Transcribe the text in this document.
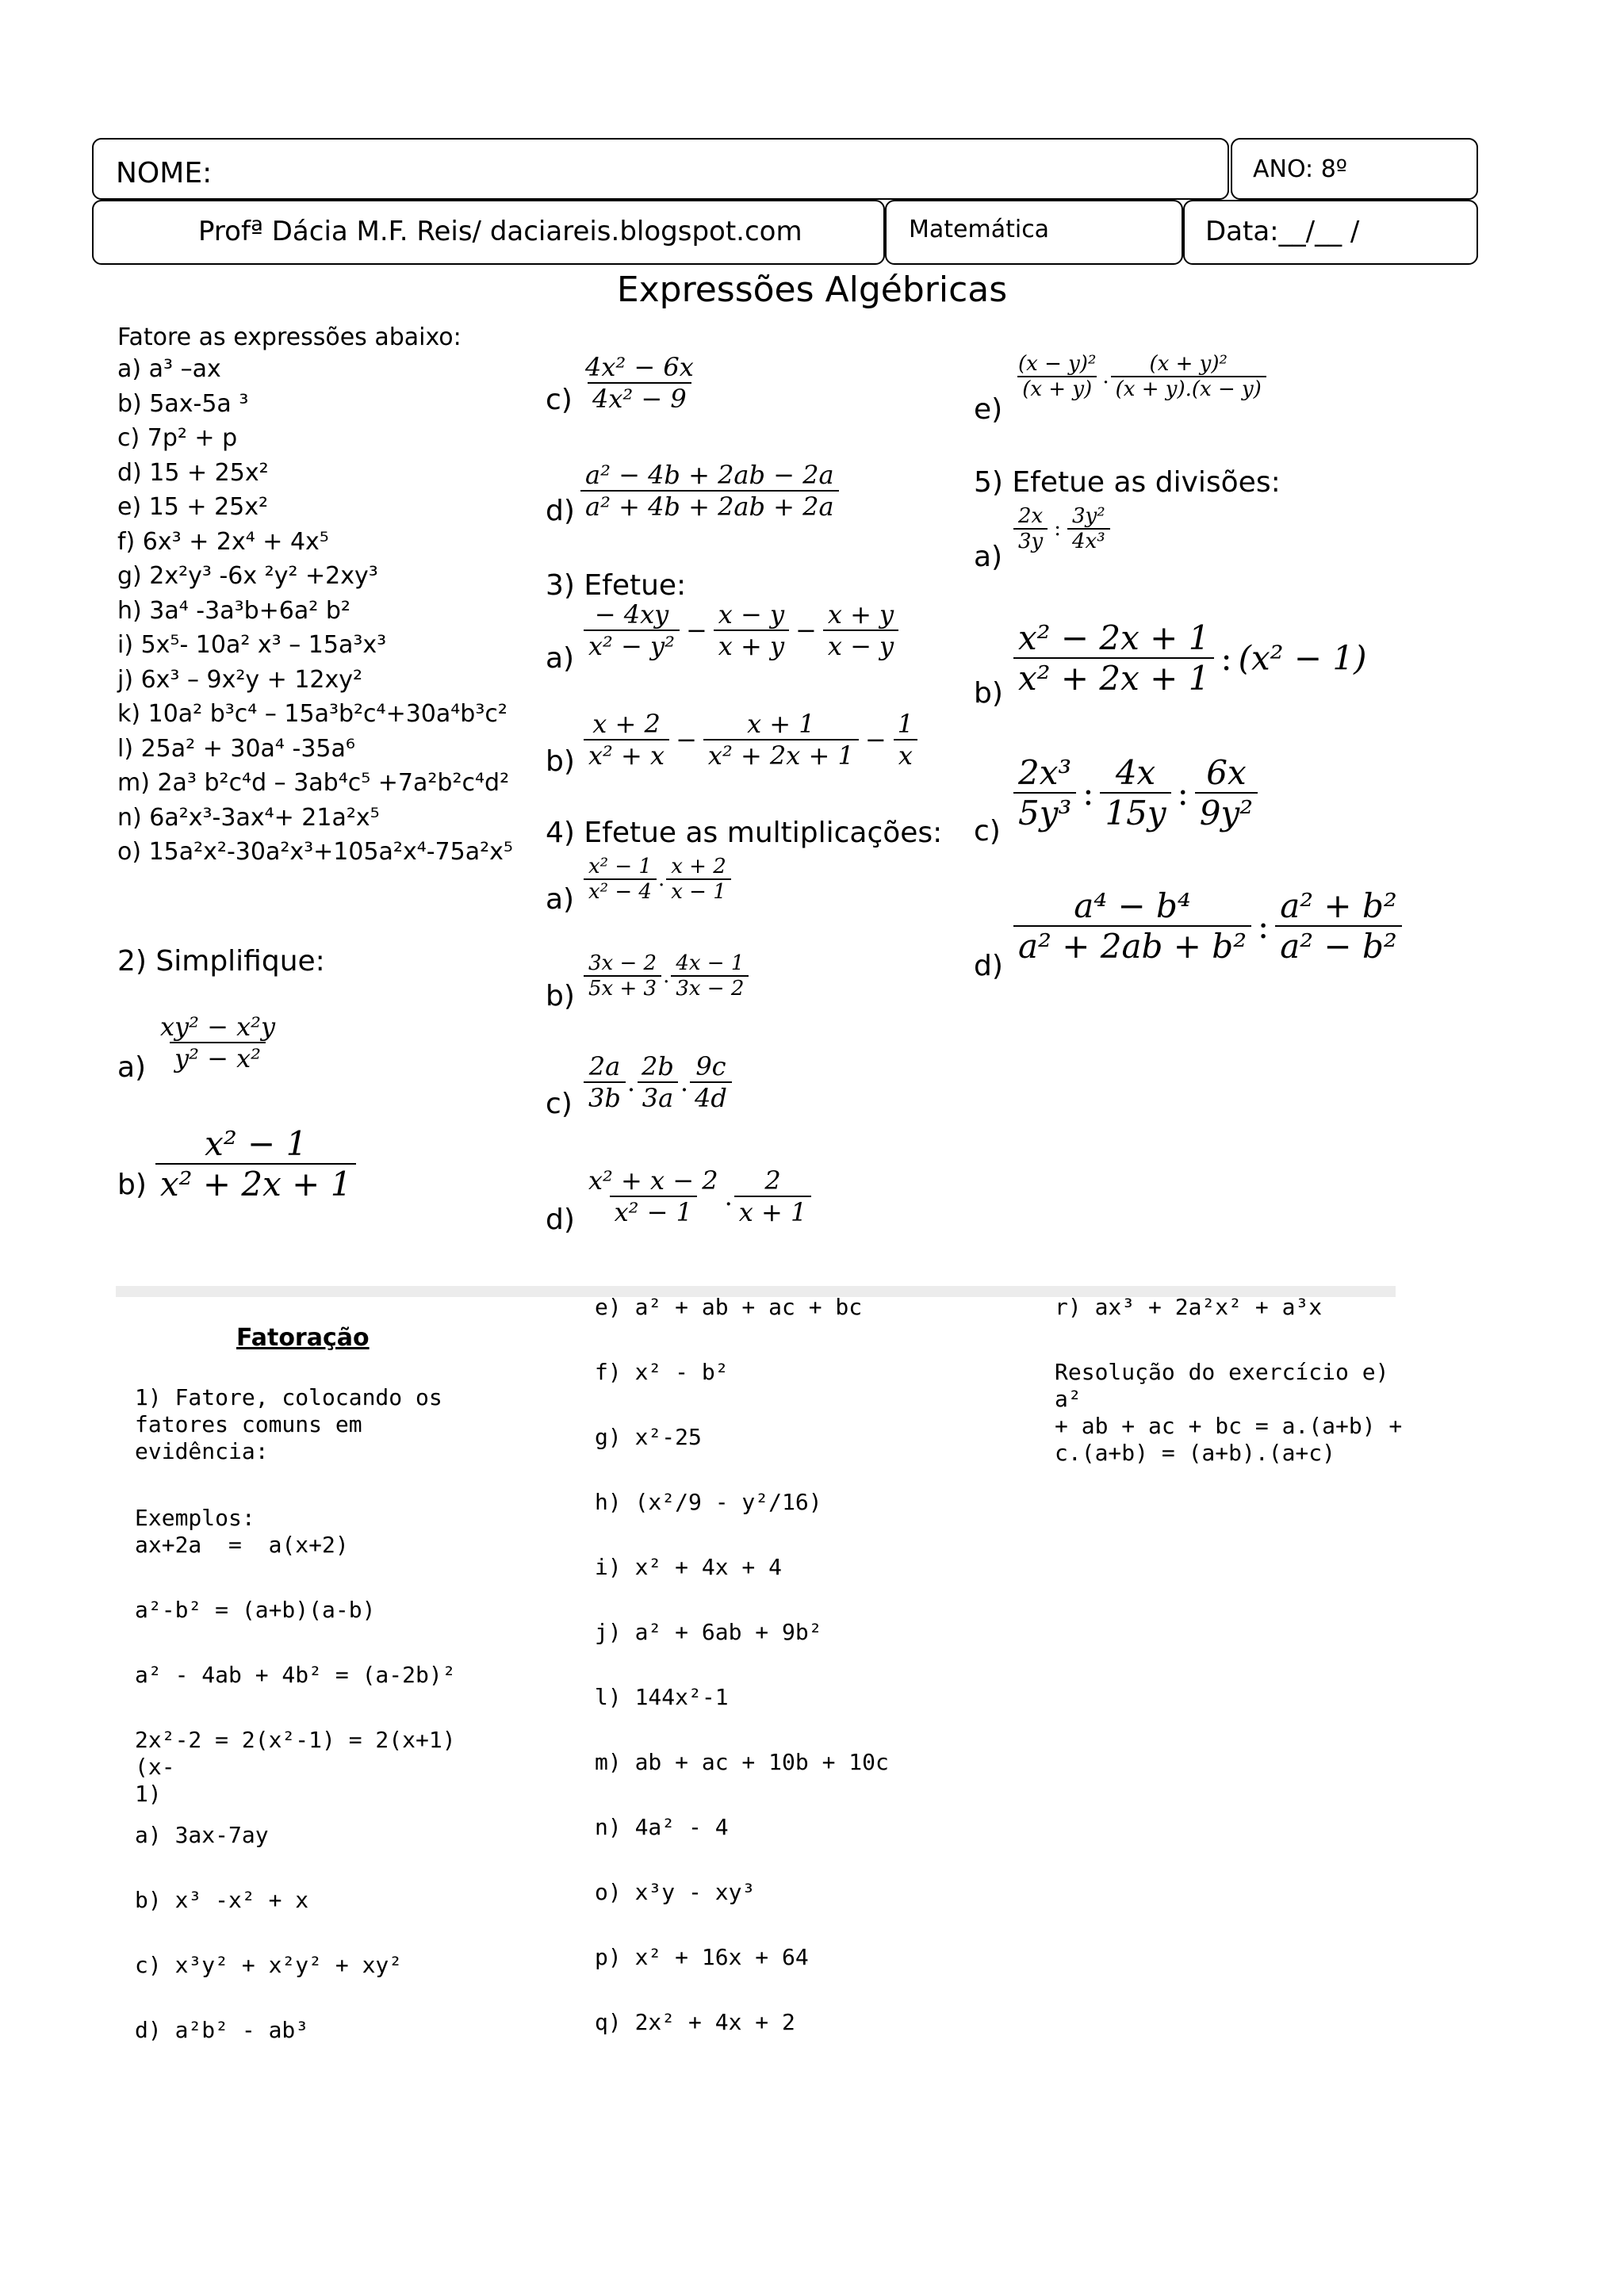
NOME:	ANO: 8º
Profª Dácia M.F. Reis/ daciareis.blogspot.com	Matemática	Data:__/__ /
Expressões Algébricas
Fatore as expressões abaixo:
a) a³ –ax
b) 5ax-5a ³
c) 7p² + p
d) 15 + 25x²
e) 15 + 25x²
f) 6x³ + 2x⁴ + 4x⁵
g) 2x²y³ -6x ²y² +2xy³
h) 3a⁴ -3a³b+6a² b²
i) 5x⁵- 10a² x³ – 15a³x³
j) 6x³ – 9x²y + 12xy²
k) 10a² b³c⁴ – 15a³b²c⁴+30a⁴b³c²
l) 25a² + 30a⁴ -35a⁶
m) 2a³ b²c⁴d – 3ab⁴c⁵ +7a²b²c⁴d²
n) 6a²x³-3ax⁴+ 21a²x⁵
o) 15a²x²-30a²x³+105a²x⁴-75a²x⁵
2) Simplifique:
$a) \frac{\text{xy² − x²y}}{\text{y² − x²}}$
$b) \frac{\text{x² − 1}}{\text{x² + 2x + 1}}$
$c) \frac{\text{4x² − 6x}}{\text{4x² − 9}}$
$d) \frac{\text{a² − 4b + 2ab − 2a}}{\text{a² + 4b + 2ab + 2a}}$
3) Efetue:
$a) \frac{- 4xy}{\text{x² − y²}} - \frac{x - y}{x + y} - \frac{x + y}{x - y}$
$b) \frac{x + 2}{\text{x² + x}} - \frac{x + 1}{\text{x² + 2x + 1}} - \frac{1}{x}$
4) Efetue as multiplicações:
$a) \frac{\text{x² − 1}}{\text{x² − 4}}$ . $\frac{x + 2}{x - 1}$
$b) \frac{3x - 2}{5x + 3}$ . $\frac{4x - 1}{3x - 2}$
$c) \frac{2a}{3b}$ . $\frac{2b}{3a}$ . $\frac{9c}{4d}$
$d) \frac{\text{x² + x − 2}}{\text{x² − 1}}$ . $\frac{2}{x + 1}$
e)
$\frac{\text{(x − y)²}}{(x + y)}$ . $\frac{\text{(x + y)²}}{(x + y).(x - y)}$
5) Efetue as divisões:
a)
$\frac{2x}{3y}$ : $\frac{\text{3y²}}{\text{4x³}}$
$b) \frac{\text{x² − 2x + 1}}{\text{x² + 2x + 1}}$ : (x² − 1)
$c) \frac{\text{2x³}}{\text{5y³}}$ : $\frac{4x}{15y}$ : $\frac{6x}{\text{9y²}}$
d)
$\frac{\text{a⁴ − b⁴}}{\text{a² + 2ab + b²}}$ : $\frac{\text{a² + b²}}{\text{a² − b²}}$
Fatoração
1) Fatore, colocando os
fatores comuns em
evidência:
Exemplos:
ax+2a  =  a(x+2)
a²-b² = (a+b)(a-b)
a² - 4ab + 4b² = (a-2b)²
2x²-2 = 2(x²-1) = 2(x+1)(x-
1)
a) 3ax-7ay
b) x³ -x² + x
c) x³y² + x²y² + xy²
d) a²b² - ab³
e) a² + ab + ac + bc
f) x² - b²
g) x²-25
h) (x²/9 - y²/16)
i) x² + 4x + 4
j) a² + 6ab + 9b²
l) 144x²-1
m) ab + ac + 10b + 10c
n) 4a² - 4
o) x³y - xy³
p) x² + 16x + 64
q) 2x² + 4x + 2
r) ax³ + 2a²x² + a³x
Resolução do exercício e) a²
+ ab + ac + bc = a.(a+b) +
c.(a+b) = (a+b).(a+c)
